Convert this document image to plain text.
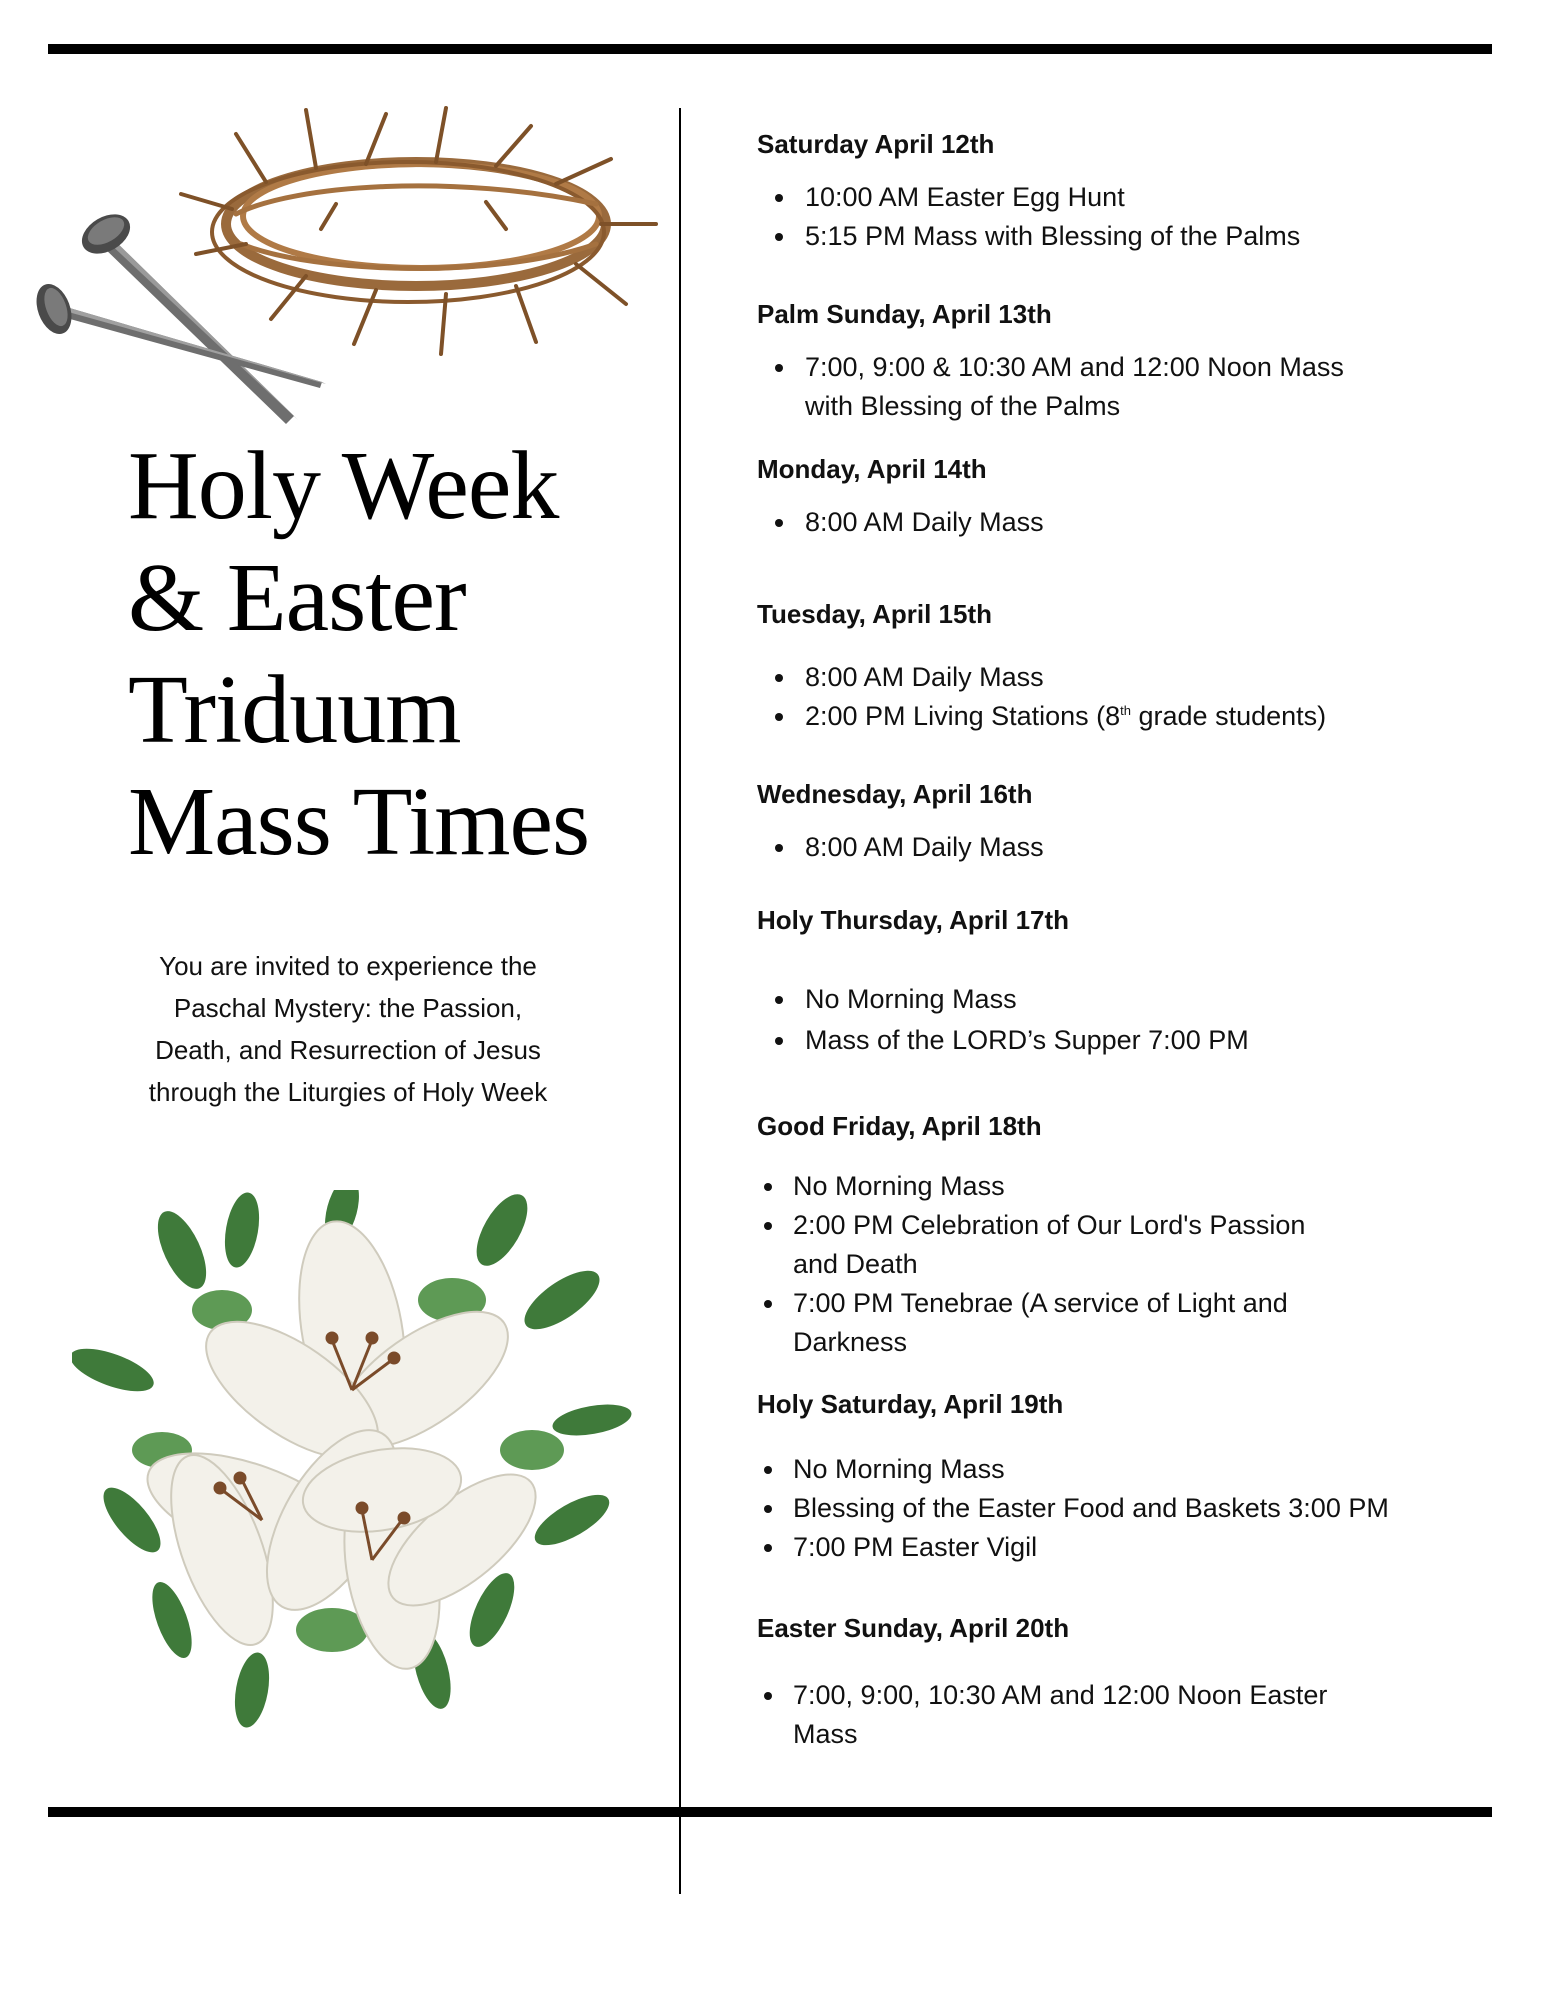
Holy Week
& Easter
Triduum
Mass Times
You are invited to experience the
Paschal Mystery: the Passion,
Death, and Resurrection of Jesus
through the Liturgies of Holy Week
Saturday April 12th
10:00 AM Easter Egg Hunt
5:15 PM Mass with Blessing of the Palms
Palm Sunday, April 13th
7:00, 9:00 & 10:30 AM and 12:00 Noon Mass
with Blessing of the Palms
Monday, April 14th
8:00 AM Daily Mass
Tuesday, April 15th
8:00 AM Daily Mass
2:00 PM Living Stations (8th grade students)
Wednesday, April 16th
8:00 AM Daily Mass
Holy Thursday, April 17th
No Morning Mass
Mass of the LORD’s Supper 7:00 PM
Good Friday, April 18th
No Morning Mass
2:00 PM Celebration of Our Lord's Passion
and Death
7:00 PM Tenebrae (A service of Light and
Darkness
Holy Saturday, April 19th
No Morning Mass
Blessing of the Easter Food and Baskets 3:00 PM
7:00 PM Easter Vigil
Easter Sunday, April 20th
7:00, 9:00, 10:30 AM and 12:00 Noon Easter
Mass
